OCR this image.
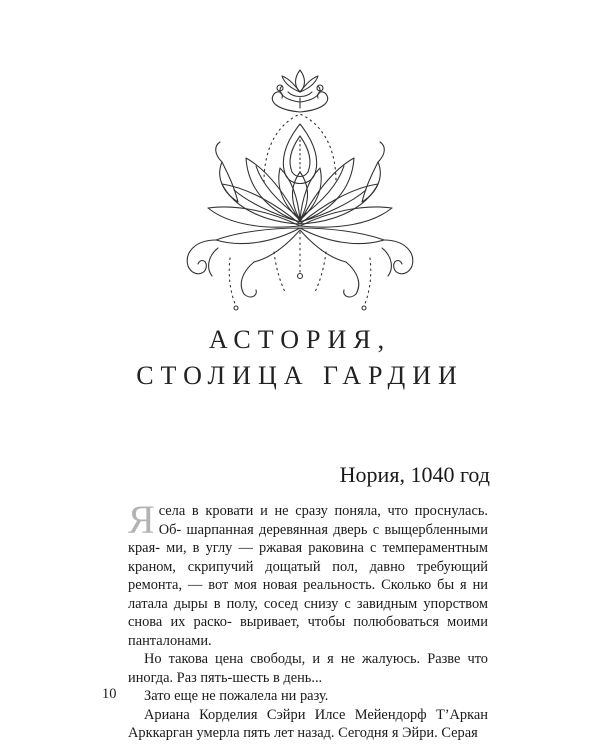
АСТОРИЯ,
СТОЛИЦА ГАРДИИ
Нория, 1040 год

Я села в кровати и не сразу поняла, что проснулась. Об- шарпанная деревянная дверь с выщербленными края- ми, в углу — ржавая раковина с темпераментным краном, скрипучий дощатый пол, давно требующий ремонта, — вот моя новая реальность. Сколько бы я ни латала дыры в полу, сосед снизу с завидным упорством снова их раско- выривает, чтобы полюбоваться моими панталонами.

Но такова цена свободы, и я не жалуюсь. Разве что иногда. Раз пять-шесть в день...

Зато еще не пожалела ни разу.

Ариана Корделия Сэйри Илсе Мейендорф Т’Аркан Арккарган умерла пять лет назад. Сегодня я Эйри. Серая

10
